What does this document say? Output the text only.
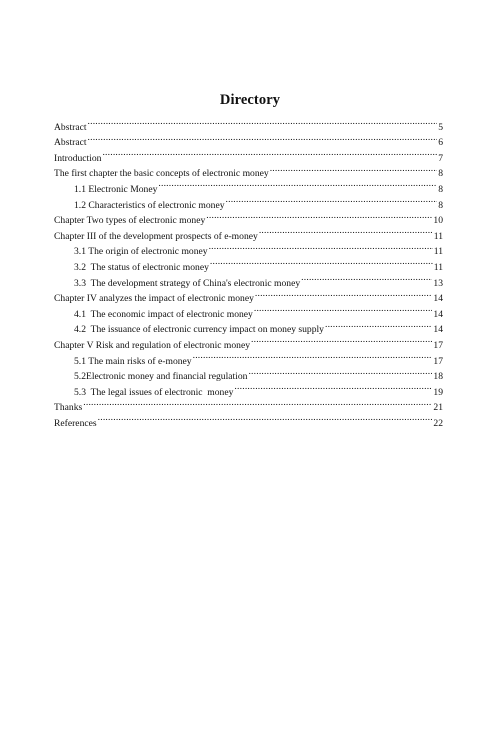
Directory
Abstract .....	5
Abstract .....	6
Introduction .....	7
The first chapter the basic concepts of electronic money .....	8
1.1 Electronic Money .....	8
1.2 Characteristics of electronic money .....	8
Chapter Two types of electronic money .....	10
Chapter III of the development prospects of e-money .....	11
3.1 The origin of electronic money .....	11
3.2  The status of electronic money .....	11
3.3  The development strategy of China's electronic money .....	13
Chapter IV analyzes the impact of electronic money .....	14
4.1  The economic impact of electronic money .....	14
4.2  The issuance of electronic currency impact on money supply .....	14
Chapter V Risk and regulation of electronic money .....	17
5.1 The main risks of e-money .....	17
5.2Electronic money and financial regulation .....	18
5.3  The legal issues of electronic  money .....	19
Thanks .....	21
References .....	22
